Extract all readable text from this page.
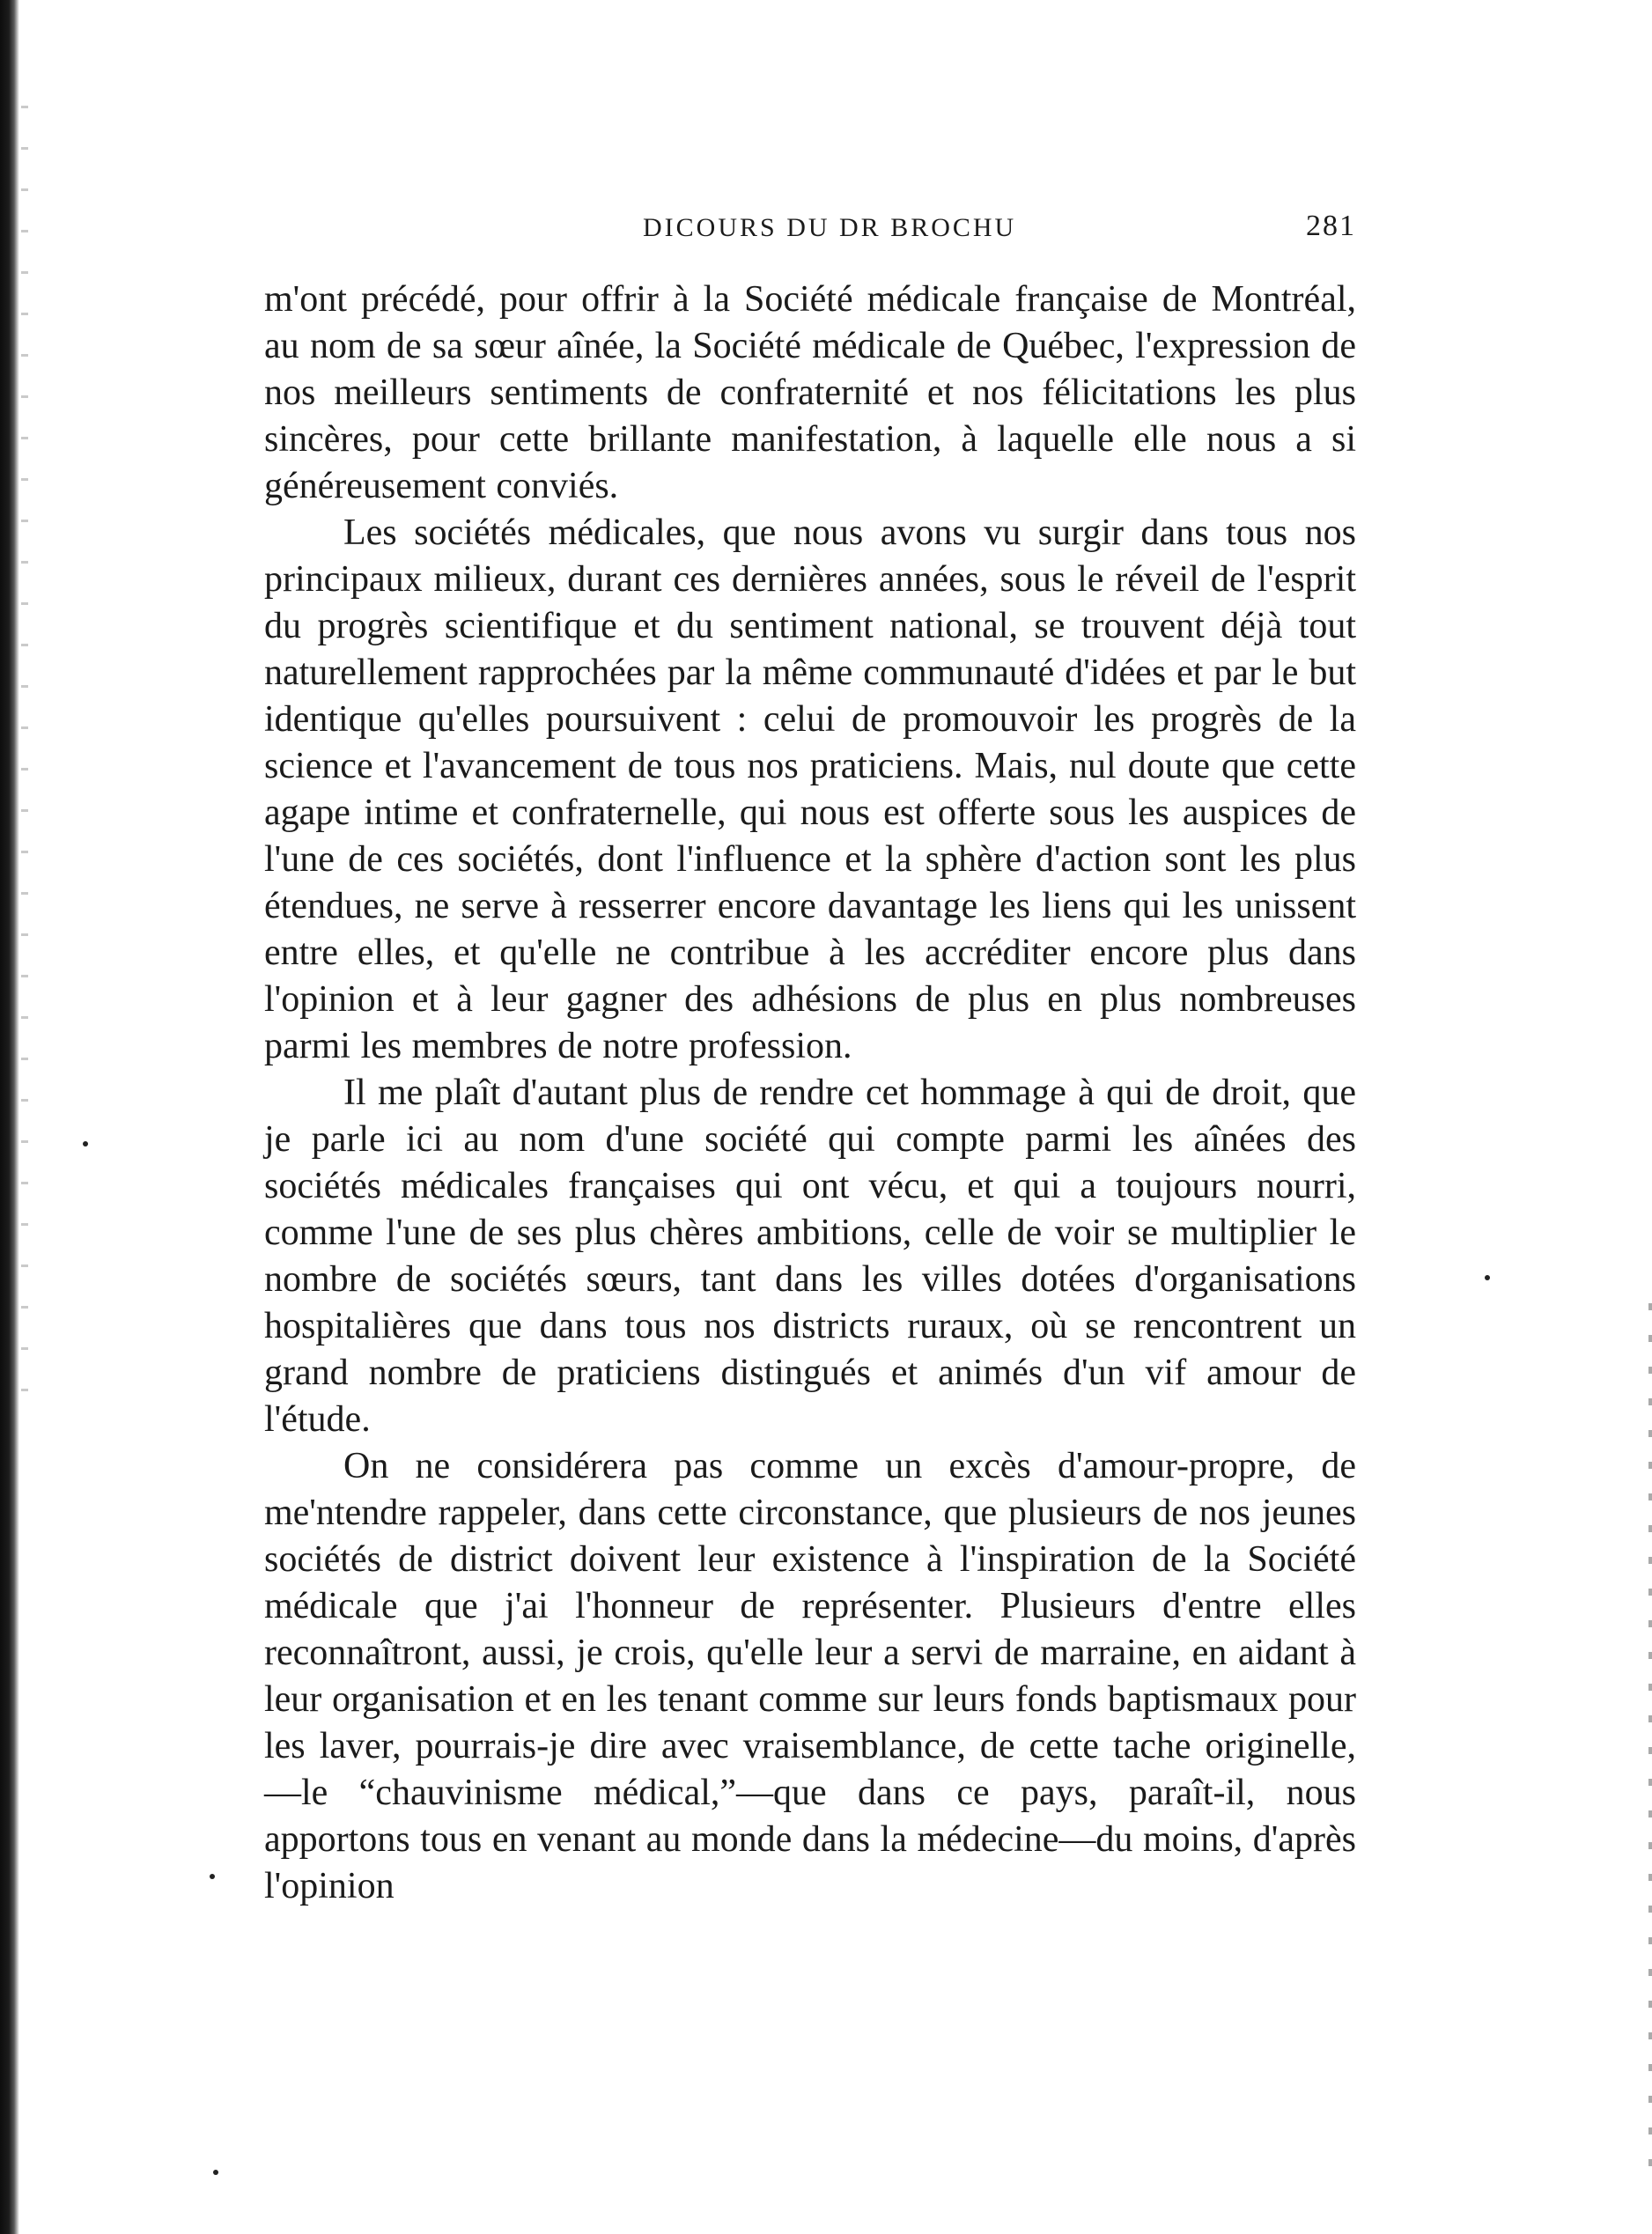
DICOURS DU DR BROCHU	281

m'ont précédé, pour offrir à la Société médicale française de Montréal, au nom de sa sœur aînée, la Société médicale de Québec, l'expression de nos meilleurs sentiments de confraternité et nos félicitations les plus sincères, pour cette brillante manifestation, à laquelle elle nous a si généreusement conviés.

Les sociétés médicales, que nous avons vu surgir dans tous nos principaux milieux, durant ces dernières années, sous le réveil de l'esprit du progrès scientifique et du sentiment national, se trouvent déjà tout naturellement rapprochées par la même communauté d'idées et par le but identique qu'elles poursuivent : celui de promouvoir les progrès de la science et l'avancement de tous nos praticiens. Mais, nul doute que cette agape intime et confraternelle, qui nous est offerte sous les auspices de l'une de ces sociétés, dont l'influence et la sphère d'action sont les plus étendues, ne serve à resserrer encore davantage les liens qui les unissent entre elles, et qu'elle ne contribue à les accréditer encore plus dans l'opinion et à leur gagner des adhésions de plus en plus nombreuses parmi les membres de notre profession.

Il me plaît d'autant plus de rendre cet hommage à qui de droit, que je parle ici au nom d'une société qui compte parmi les aînées des sociétés médicales françaises qui ont vécu, et qui a toujours nourri, comme l'une de ses plus chères ambitions, celle de voir se multiplier le nombre de sociétés sœurs, tant dans les villes dotées d'organisations hospitalières que dans tous nos districts ruraux, où se rencontrent un grand nombre de praticiens distingués et animés d'un vif amour de l'étude.

On ne considérera pas comme un excès d'amour-propre, de me'ntendre rappeler, dans cette circonstance, que plusieurs de nos jeunes sociétés de district doivent leur existence à l'inspiration de la Société médicale que j'ai l'honneur de représenter. Plusieurs d'entre elles reconnaîtront, aussi, je crois, qu'elle leur a servi de marraine, en aidant à leur organisation et en les tenant comme sur leurs fonds baptismaux pour les laver, pourrais-je dire avec vraisemblance, de cette tache originelle,—le “chauvinisme médical,”—que dans ce pays, paraît-il, nous apportons tous en venant au monde dans la médecine—du moins, d'après l'opinion
